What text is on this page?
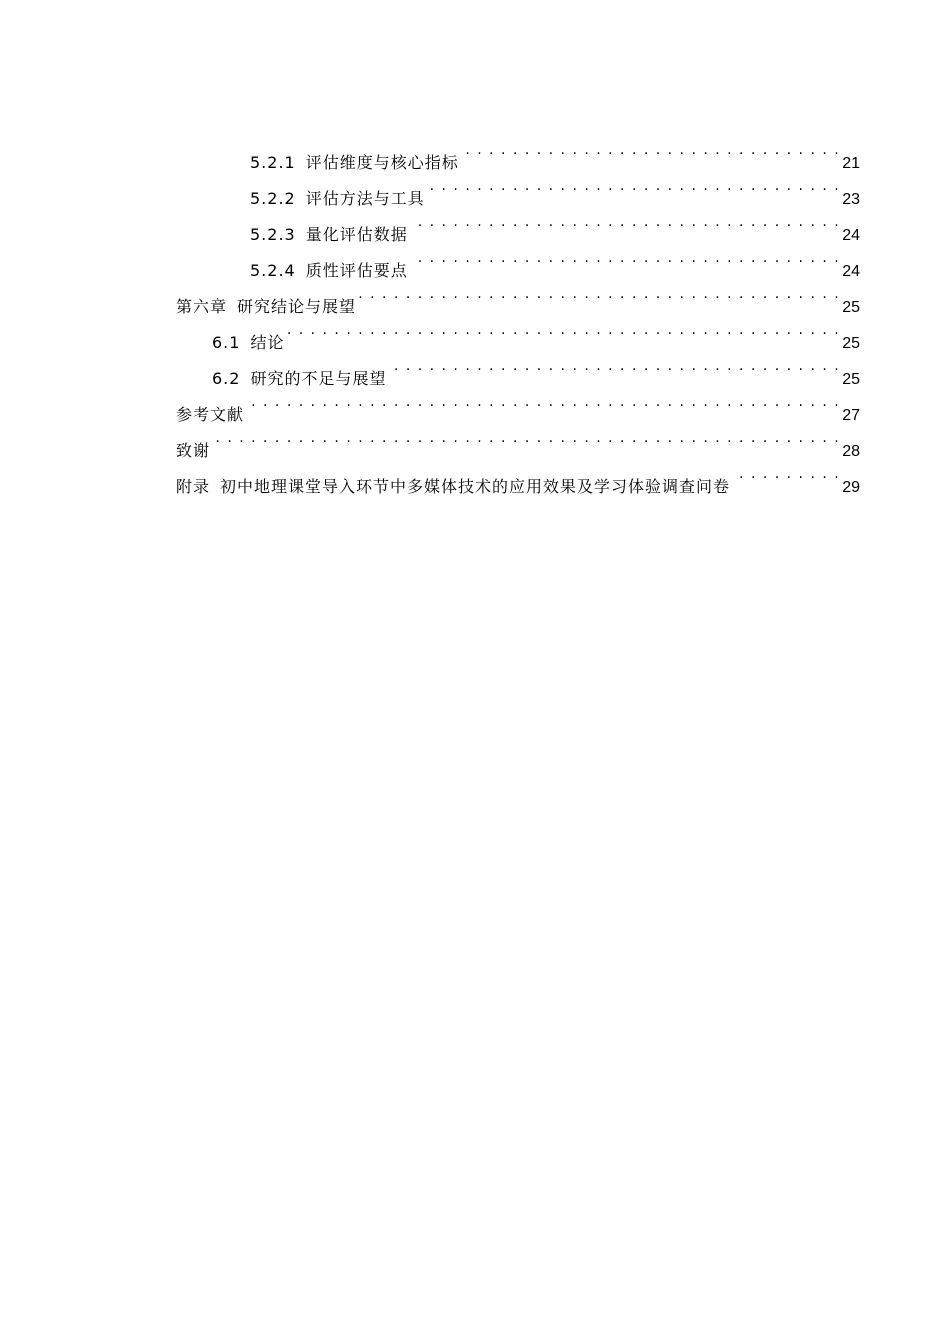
5.2.1 评估维度与核心指标 . . .	21
5.2.2 评估方法与工具 . . .	23
5.2.3 量化评估数据 . . .	24
5.2.4 质性评估要点 . . .	24
第六章 研究结论与展望 . . .	25
6.1 结论 . . .	25
6.2 研究的不足与展望 . . .	25
参考文献 . . .	27
致谢 . . .	28
附录 初中地理课堂导入环节中多媒体技术的应用效果及学习体验调查问卷 . . .	29
